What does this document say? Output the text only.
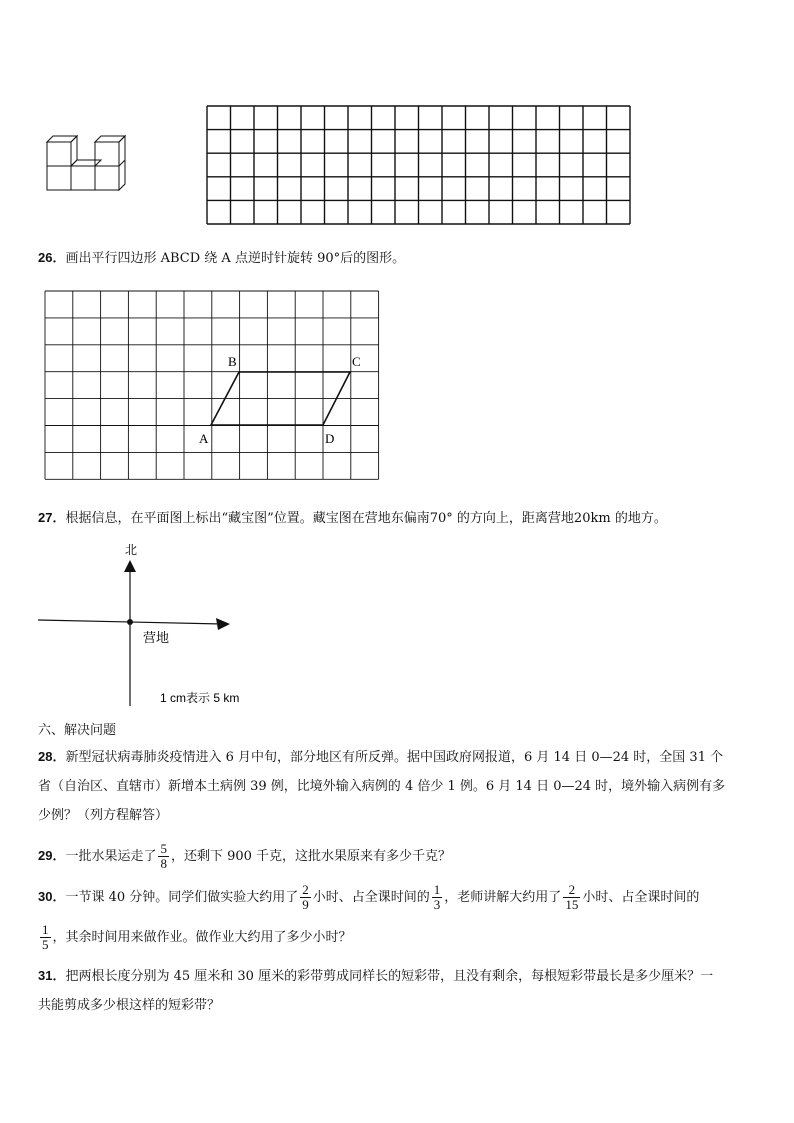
26．画出平行四边形 ABCD 绕 A 点逆时针旋转 90°后的图形。
B	C
A	D
27．根据信息，在平面图上标出“藏宝图”位置。藏宝图在营地东偏南70° 的方向上，距离营地20km 的地方。
北
营地
1 cm表示 5 km
六、解决问题
28．新型冠状病毒肺炎疫情进入 6 月中旬，部分地区有所反弹。据中国政府网报道，6 月 14 日 0—24 时，全国 31 个
省（自治区、直辖市）新增本土病例 39 例，比境外输入病例的 4 倍少 1 例。6 月 14 日 0—24 时，境外输入病例有多
少例？（列方程解答）
29．一批水果运走了 $\frac{5}{8}$ ，还剩下 900 千克，这批水果原来有多少千克？
30．一节课 40 分钟。同学们做实验大约用了 $\frac{2}{9}$ 小时、占全课时间的 $\frac{1}{3}$ ，老师讲解大约用了 $\frac{2}{15}$ 小时、占全课时间的
$\frac{1}{5}$ ，其余时间用来做作业。做作业大约用了多少小时？
31．把两根长度分别为 45 厘米和 30 厘米的彩带剪成同样长的短彩带，且没有剩余，每根短彩带最长是多少厘米？一
共能剪成多少根这样的短彩带？
